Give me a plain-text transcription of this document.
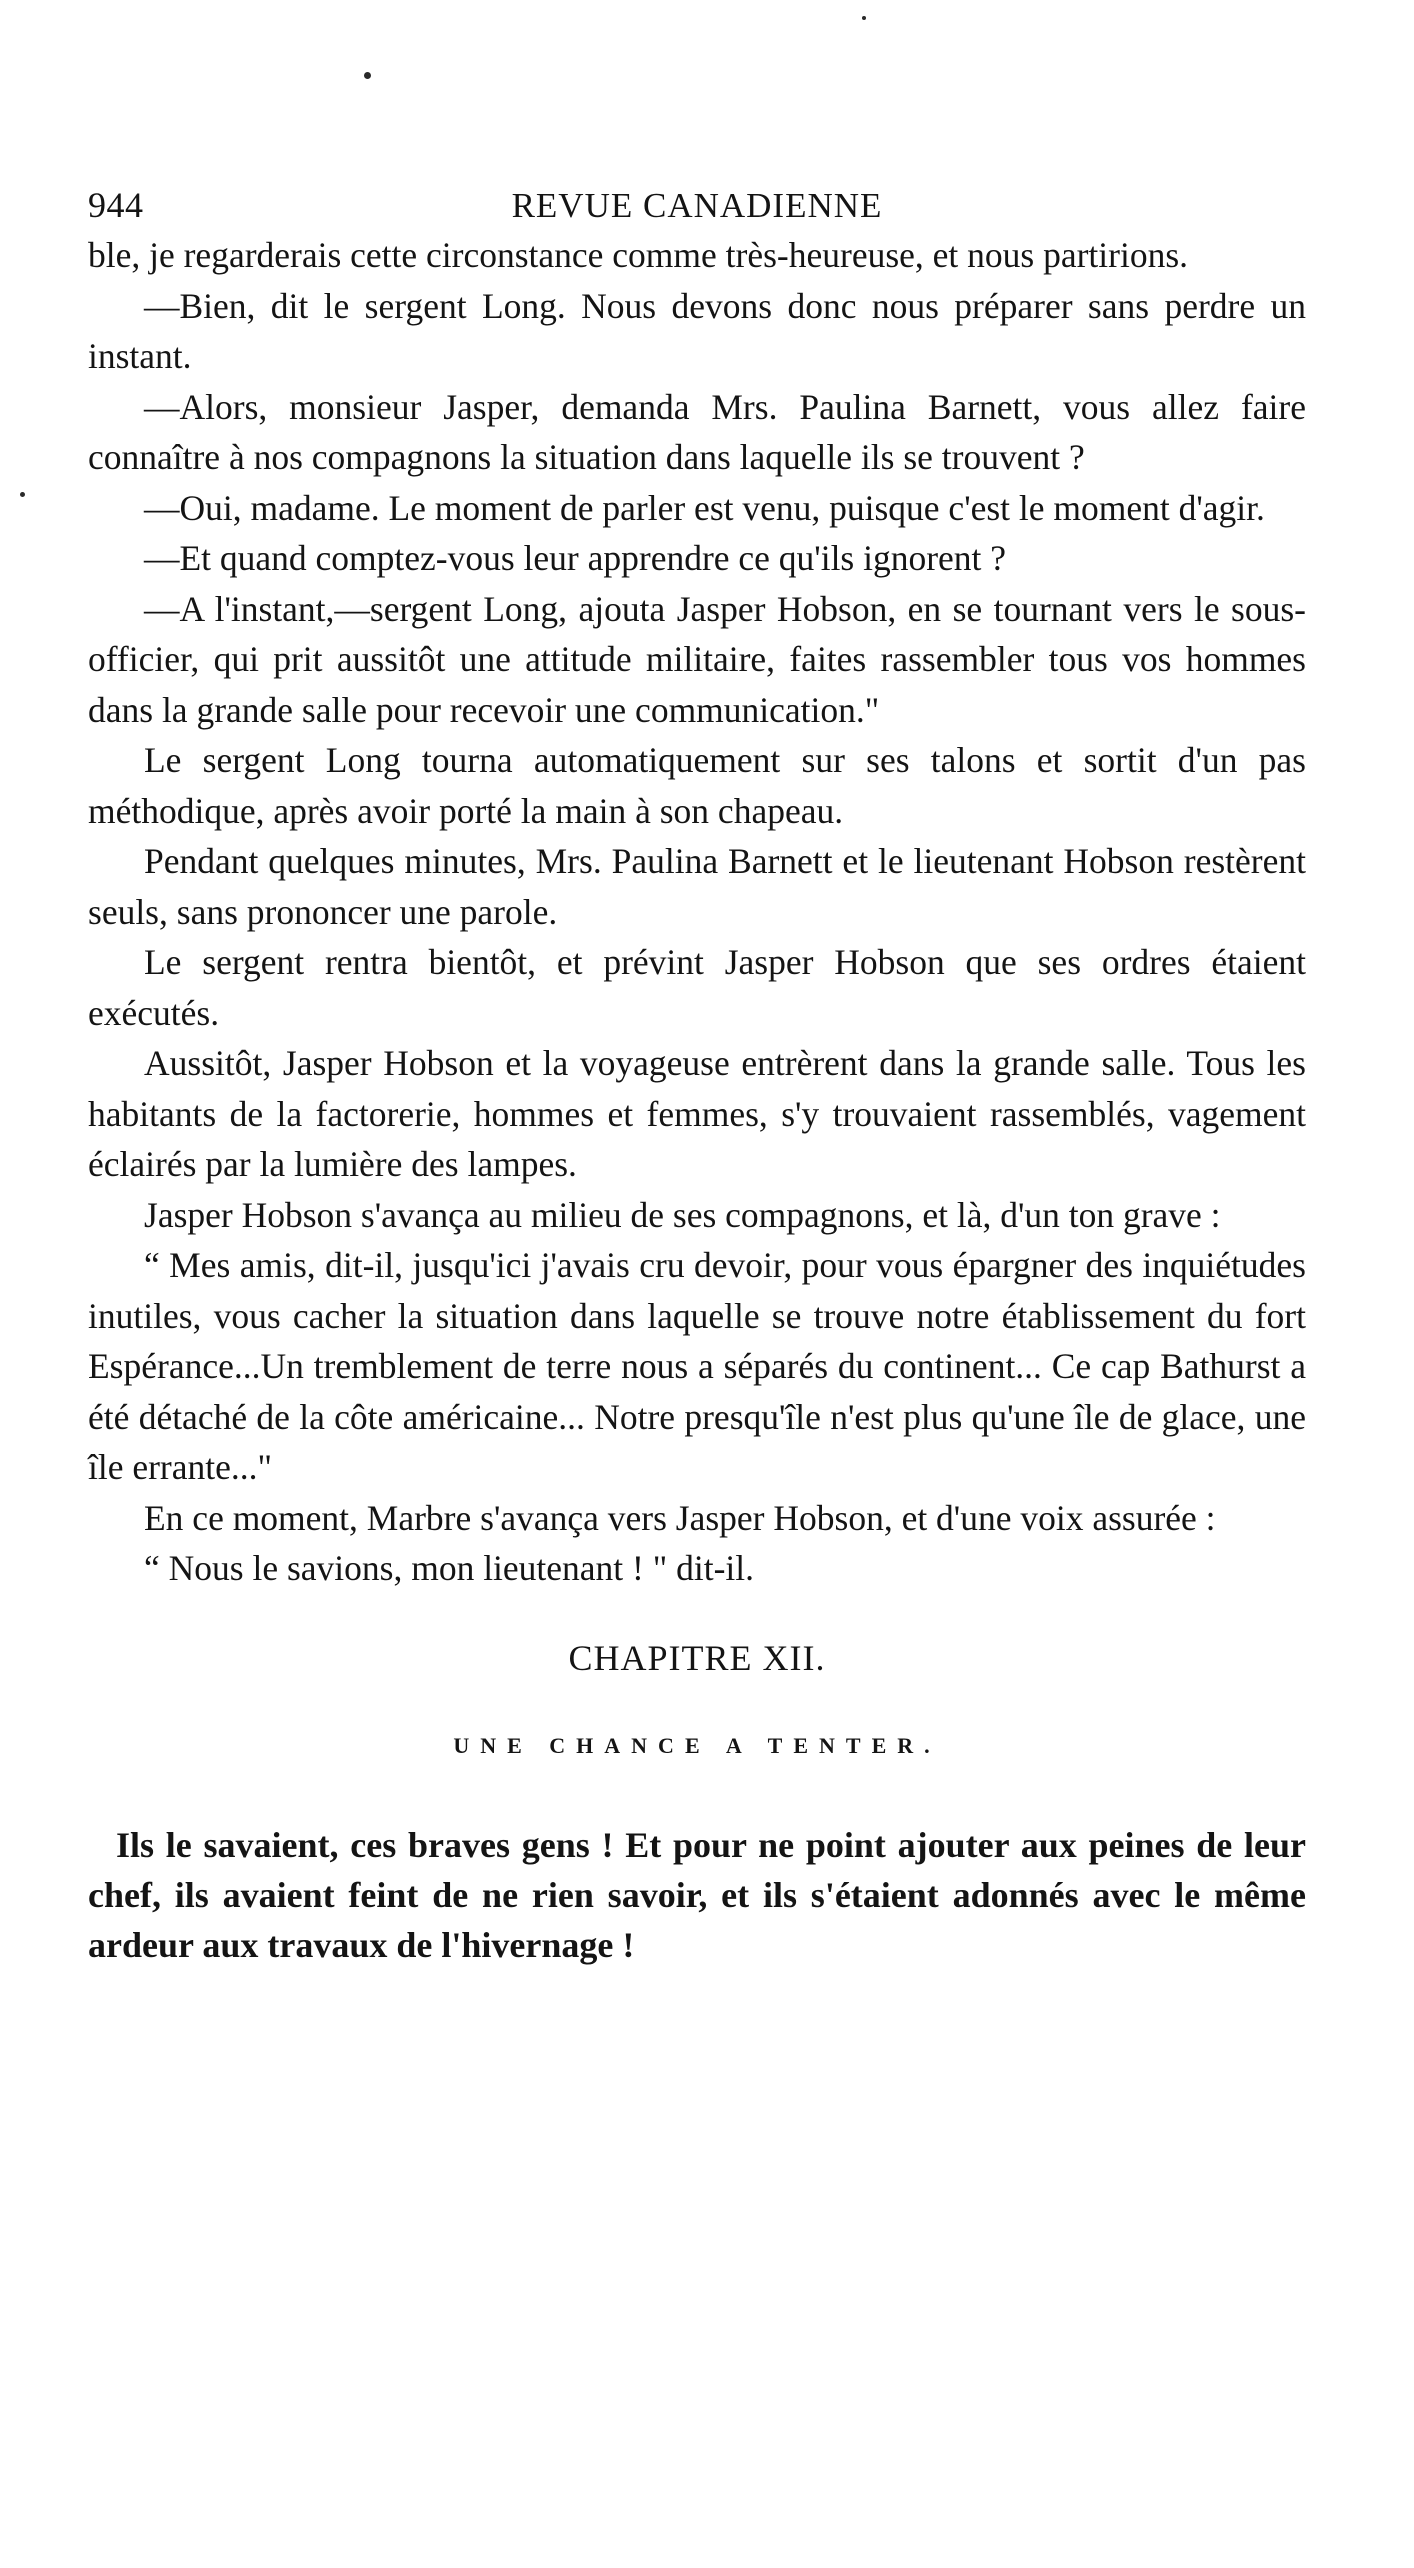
944	REVUE CANADIENNE

ble, je regarderais cette circonstance comme très-heureuse, et nous partirions.

—Bien, dit le sergent Long. Nous devons donc nous préparer sans perdre un instant.

—Alors, monsieur Jasper, demanda Mrs. Paulina Barnett, vous allez faire connaître à nos compagnons la situation dans laquelle ils se trouvent ?

—Oui, madame. Le moment de parler est venu, puisque c'est le moment d'agir.

—Et quand comptez-vous leur apprendre ce qu'ils ignorent ?

—A l'instant,—sergent Long, ajouta Jasper Hobson, en se tournant vers le sous-officier, qui prit aussitôt une attitude militaire, faites rassembler tous vos hommes dans la grande salle pour recevoir une communication."

Le sergent Long tourna automatiquement sur ses talons et sortit d'un pas méthodique, après avoir porté la main à son chapeau.

Pendant quelques minutes, Mrs. Paulina Barnett et le lieutenant Hobson restèrent seuls, sans prononcer une parole.

Le sergent rentra bientôt, et prévint Jasper Hobson que ses ordres étaient exécutés.

Aussitôt, Jasper Hobson et la voyageuse entrèrent dans la grande salle. Tous les habitants de la factorerie, hommes et femmes, s'y trouvaient rassemblés, vagement éclairés par la lumière des lampes.

Jasper Hobson s'avança au milieu de ses compagnons, et là, d'un ton grave :

“ Mes amis, dit-il, jusqu'ici j'avais cru devoir, pour vous épargner des inquiétudes inutiles, vous cacher la situation dans laquelle se trouve notre établissement du fort Espérance...Un tremblement de terre nous a séparés du continent... Ce cap Bathurst a été détaché de la côte américaine... Notre presqu'île n'est plus qu'une île de glace, une île errante..."

En ce moment, Marbre s'avança vers Jasper Hobson, et d'une voix assurée :

“ Nous le savions, mon lieutenant ! " dit-il.

CHAPITRE XII.
UNE CHANCE A TENTER.

Ils le savaient, ces braves gens ! Et pour ne point ajouter aux peines de leur chef, ils avaient feint de ne rien savoir, et ils s'étaient adonnés avec le même ardeur aux travaux de l'hivernage !
